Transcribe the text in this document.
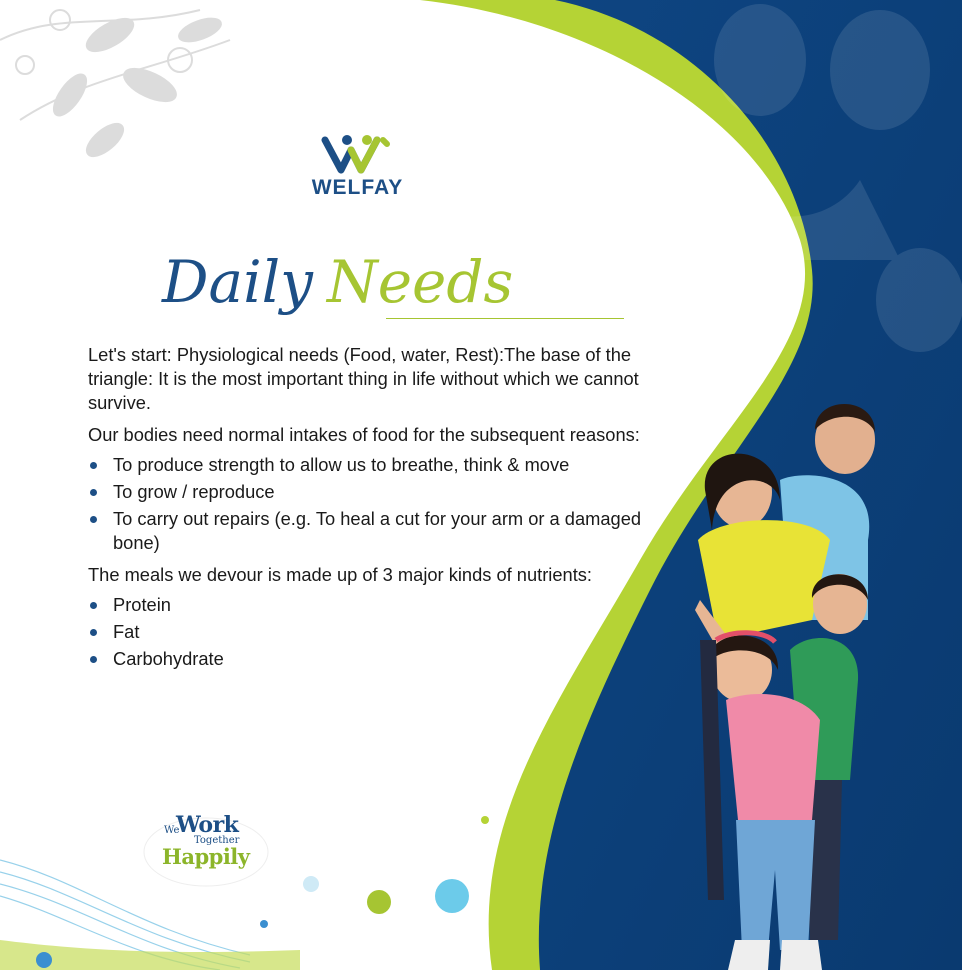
WELFAY
Daily Needs

Let's start: Physiological needs (Food, water, Rest):The base of the triangle: It is the most important thing in life without which we cannot survive.

Our bodies need normal intakes of food for the subsequent reasons:

To produce strength to allow us to breathe, think & move
To grow / reproduce
To carry out repairs (e.g. To heal a cut for your arm or a damaged bone)

The meals we devour is made up of 3 major kinds of nutrients:

Protein
Fat
Carbohydrate
We
Work
Together
Happily
